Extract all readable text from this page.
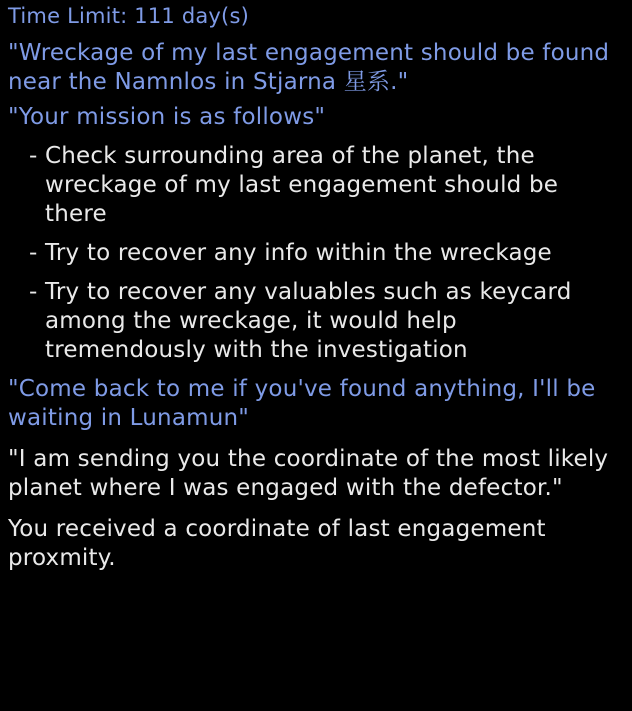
Time Limit: 111 day(s)
"Wreckage of my last engagement should be found near the Namnlos in Stjarna 星系."
"Your mission is as follows"
- Check surrounding area of the planet, the wreckage of my last engagement should be there
- Try to recover any info within the wreckage
- Try to recover any valuables such as keycard among the wreckage, it would help tremendously with the investigation
"Come back to me if you've found anything, I'll be waiting in Lunamun"
"I am sending you the coordinate of the most likely planet where I was engaged with the defector."
You received a coordinate of last engagement proxmity.
